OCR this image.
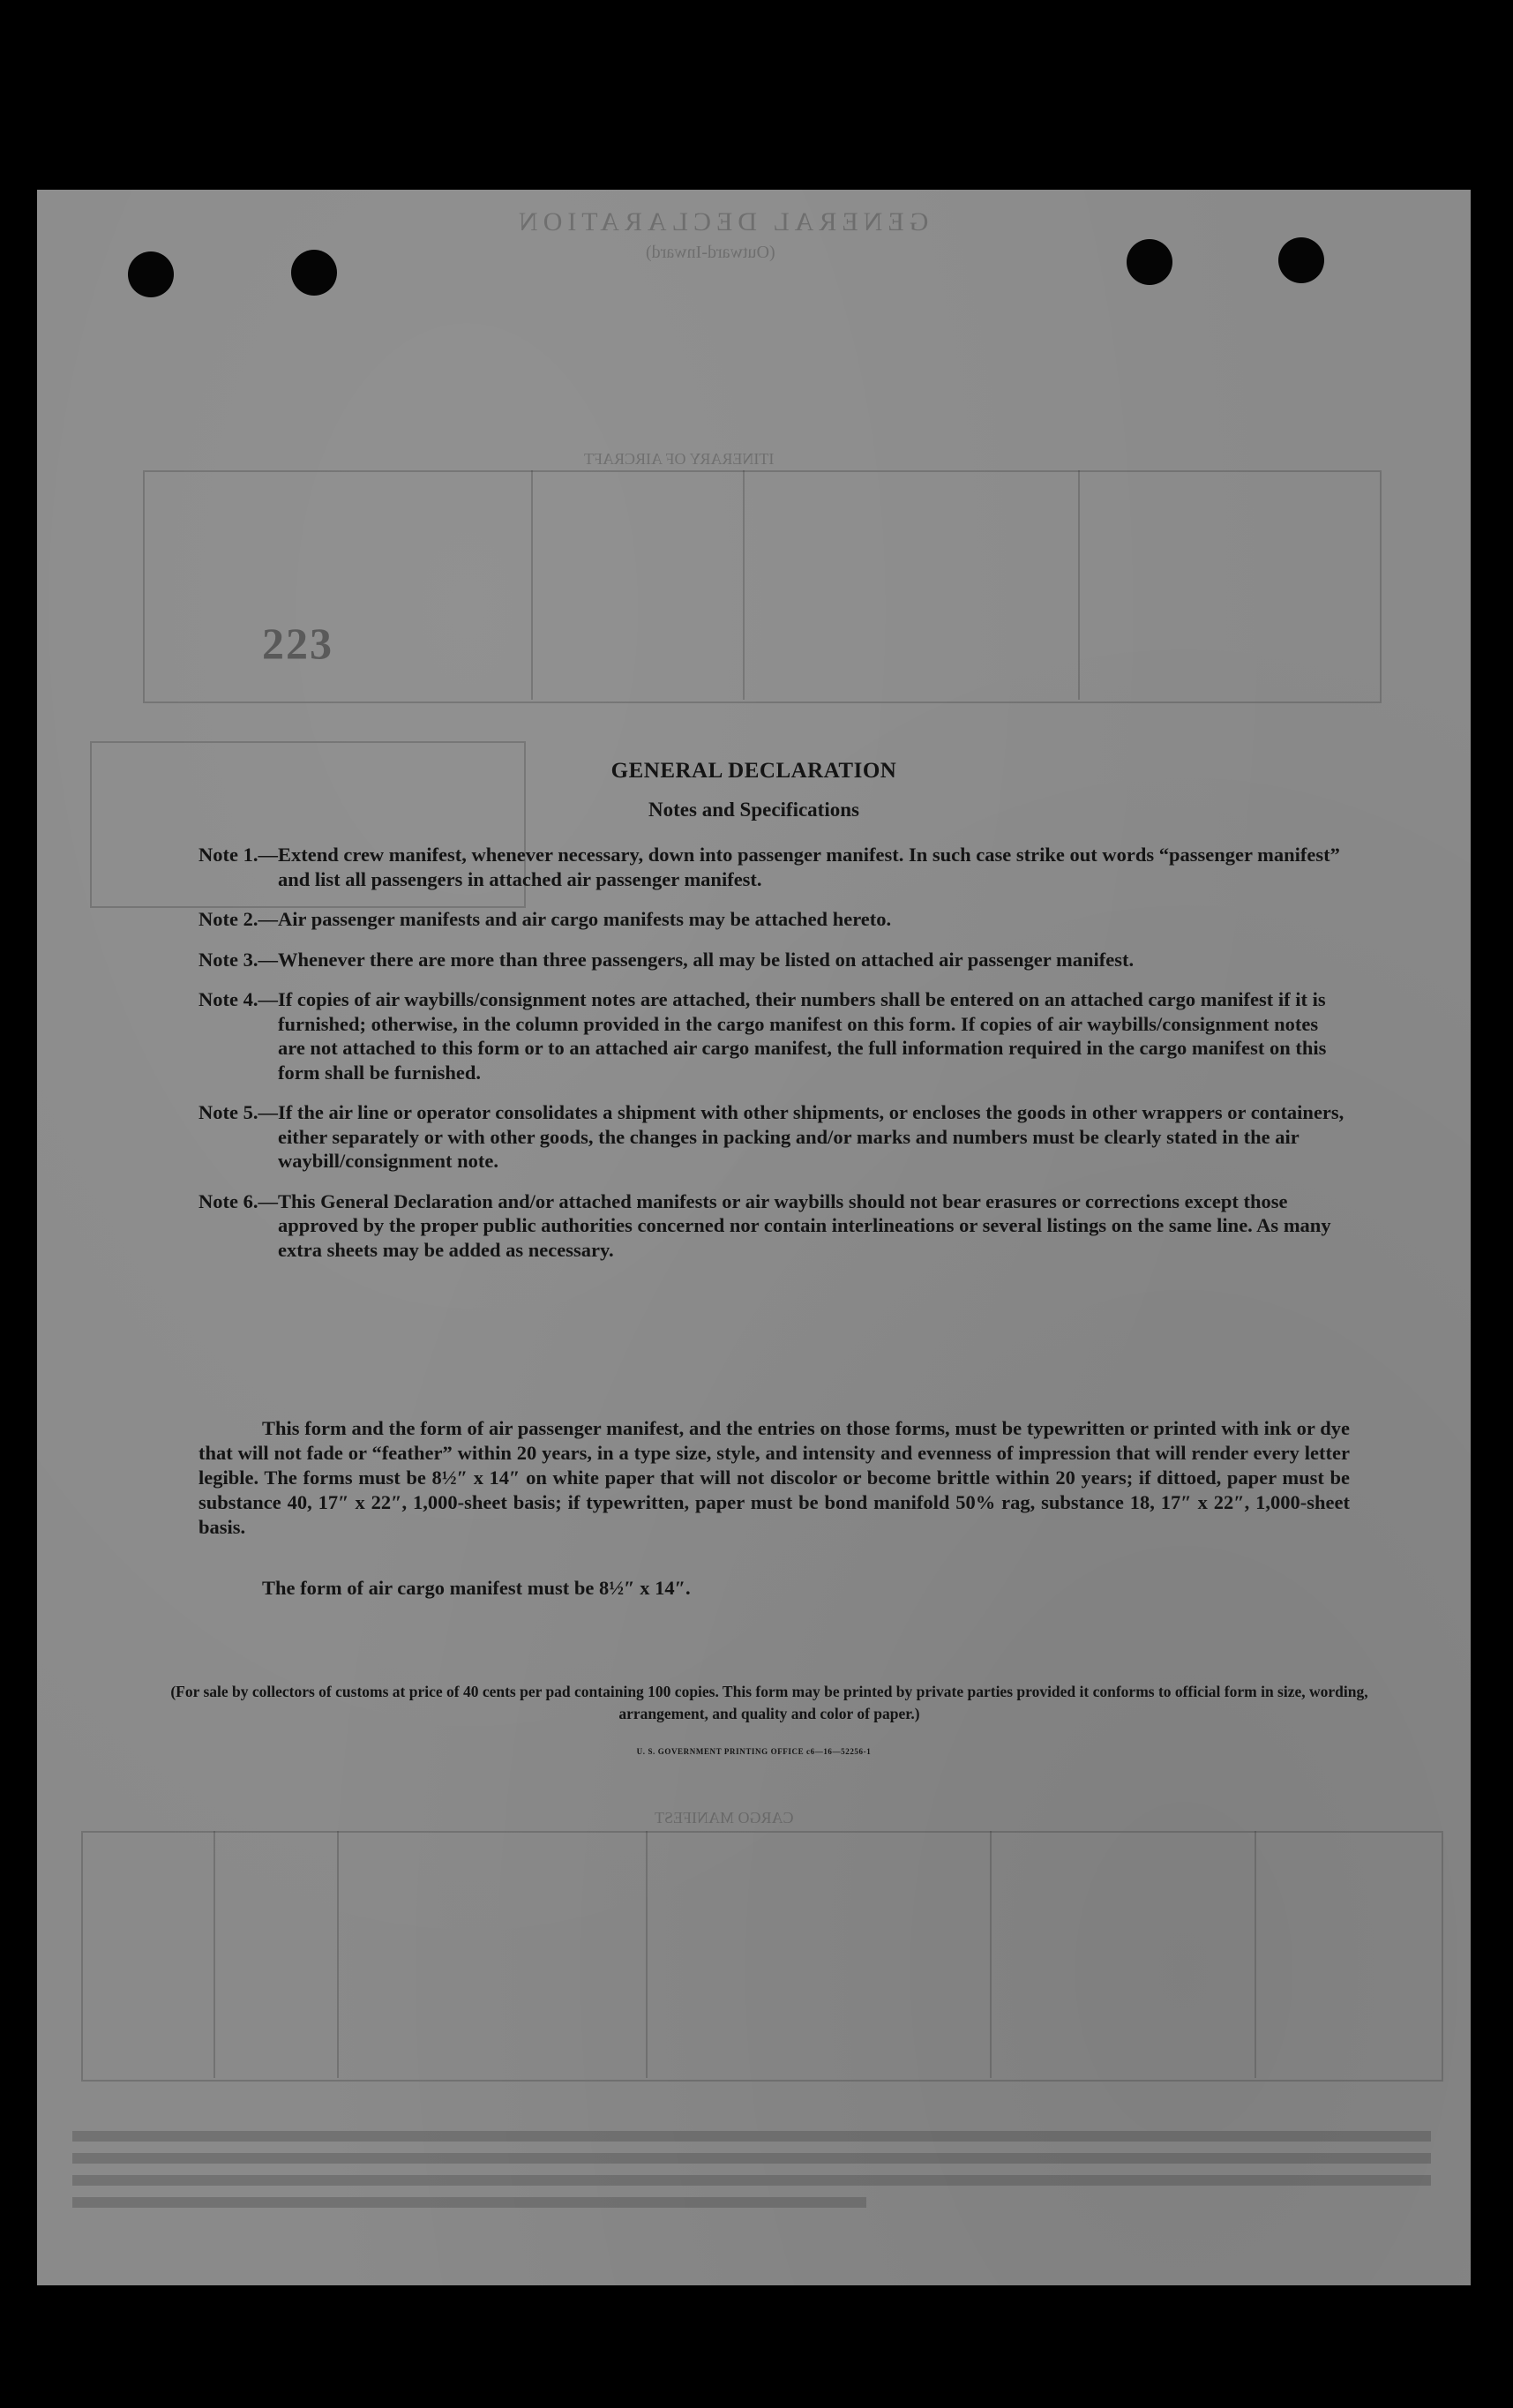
GENERAL DECLARATION
(Outward-Inward)
ITINERARY OF AIRCRAFT
223
CARGO MANIFEST
GENERAL DECLARATION
Notes and Specifications
Note 1.— Extend crew manifest, whenever necessary, down into passenger manifest. In such case strike out words “passenger manifest” and list all passengers in attached air passenger manifest.
Note 2.— Air passenger manifests and air cargo manifests may be attached hereto.
Note 3.— Whenever there are more than three passengers, all may be listed on attached air passenger manifest.
Note 4.— If copies of air waybills/consignment notes are attached, their numbers shall be entered on an attached cargo manifest if it is furnished; otherwise, in the column provided in the cargo manifest on this form. If copies of air waybills/consignment notes are not attached to this form or to an attached air cargo manifest, the full information required in the cargo manifest on this form shall be furnished.
Note 5.— If the air line or operator consolidates a shipment with other shipments, or encloses the goods in other wrappers or containers, either separately or with other goods, the changes in packing and/or marks and numbers must be clearly stated in the air waybill/consignment note.
Note 6.— This General Declaration and/or attached manifests or air waybills should not bear erasures or corrections except those approved by the proper public authorities concerned nor contain interlineations or several listings on the same line. As many extra sheets may be added as necessary.
This form and the form of air passenger manifest, and the entries on those forms, must be typewritten or printed with ink or dye that will not fade or “feather” within 20 years, in a type size, style, and intensity and evenness of impression that will render every letter legible. The forms must be 8½″ x 14″ on white paper that will not discolor or become brittle within 20 years; if dittoed, paper must be substance 40, 17″ x 22″, 1,000-sheet basis; if typewritten, paper must be bond manifold 50% rag, substance 18, 17″ x 22″, 1,000-sheet basis.
The form of air cargo manifest must be 8½″ x 14″.
(For sale by collectors of customs at price of 40 cents per pad containing 100 copies. This form may be printed by private parties provided it conforms to official form in size, wording, arrangement, and quality and color of paper.)
U. S. GOVERNMENT PRINTING OFFICE c6—16—52256-1
